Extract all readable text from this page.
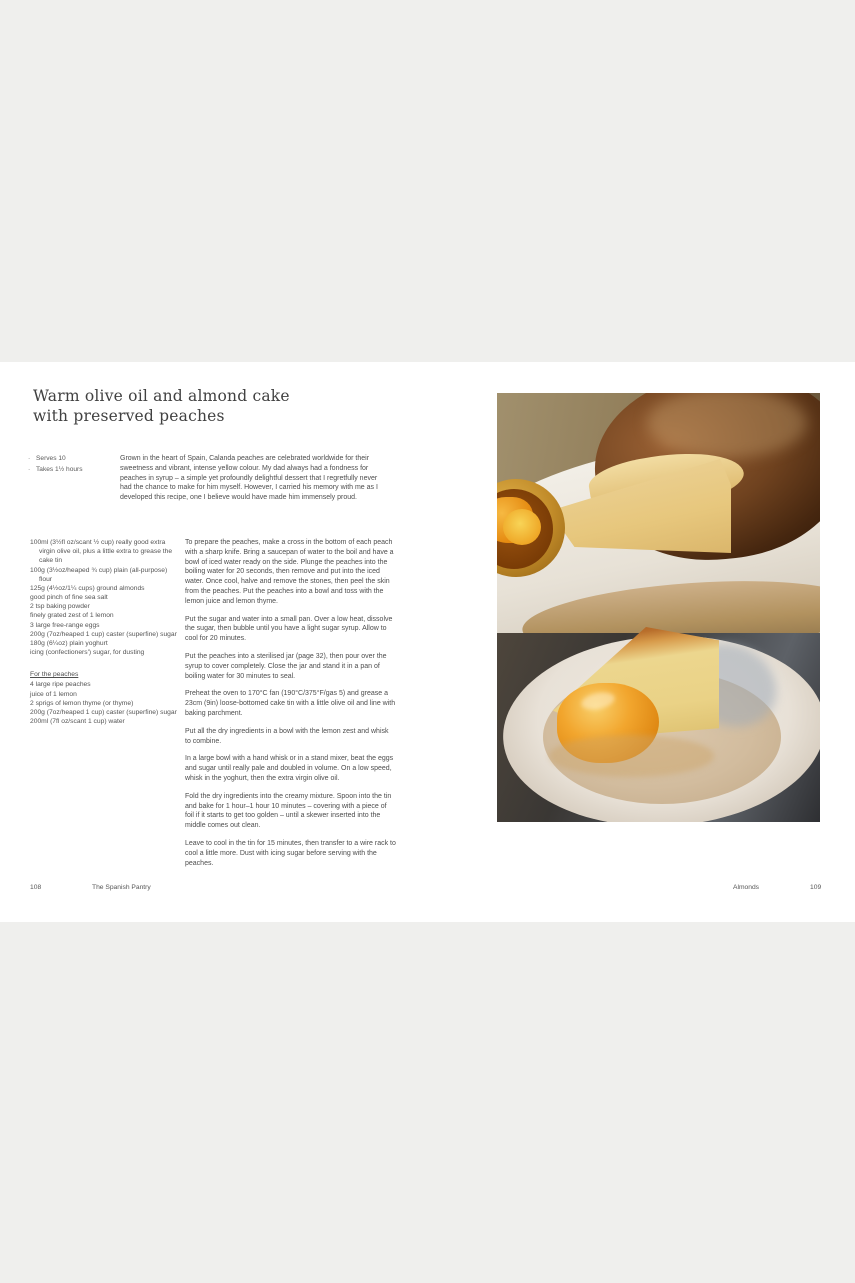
Warm olive oil and almond cake
with preserved peaches
· Serves 10
· Takes 1½ hours

Grown in the heart of Spain, Calanda peaches are celebrated worldwide for their sweetness and vibrant, intense yellow colour. My dad always had a fondness for peaches in syrup – a simple yet profoundly delightful dessert that I regretfully never had the chance to make for him myself. However, I carried his memory with me as I developed this recipe, one I believe would have made him immensely proud.

100ml (3½fl oz/scant ½ cup) really good extra virgin olive oil, plus a little extra to grease the cake tin
100g (3½oz/heaped ¾ cup) plain (all-purpose) flour
125g (4½oz/1¼ cups) ground almonds
good pinch of fine sea salt
2 tsp baking powder
finely grated zest of 1 lemon
3 large free-range eggs
200g (7oz/heaped 1 cup) caster (superfine) sugar
180g (6¼oz) plain yoghurt
icing (confectioners') sugar, for dusting
For the peaches
4 large ripe peaches
juice of 1 lemon
2 sprigs of lemon thyme (or thyme)
200g (7oz/heaped 1 cup) caster (superfine) sugar
200ml (7fl oz/scant 1 cup) water

To prepare the peaches, make a cross in the bottom of each peach with a sharp knife. Bring a saucepan of water to the boil and have a bowl of iced water ready on the side. Plunge the peaches into the boiling water for 20 seconds, then remove and put into the iced water. Once cool, halve and remove the stones, then peel the skin from the peaches. Put the peaches into a bowl and toss with the lemon juice and lemon thyme.

Put the sugar and water into a small pan. Over a low heat, dissolve the sugar, then bubble until you have a light sugar syrup. Allow to cool for 20 minutes.

Put the peaches into a sterilised jar (page 32), then pour over the syrup to cover completely. Close the jar and stand it in a pan of boiling water for 30 minutes to seal.

Preheat the oven to 170°C fan (190°C/375°F/gas 5) and grease a 23cm (9in) loose-bottomed cake tin with a little olive oil and line with baking parchment.

Put all the dry ingredients in a bowl with the lemon zest and whisk to combine.

In a large bowl with a hand whisk or in a stand mixer, beat the eggs and sugar until really pale and doubled in volume. On a low speed, whisk in the yoghurt, then the extra virgin olive oil.

Fold the dry ingredients into the creamy mixture. Spoon into the tin and bake for 1 hour–1 hour 10 minutes – covering with a piece of foil if it starts to get too golden – until a skewer inserted into the middle comes out clean.

Leave to cool in the tin for 15 minutes, then transfer to a wire rack to cool a little more. Dust with icing sugar before serving with the peaches.

108	The Spanish Pantry	Almonds	109
